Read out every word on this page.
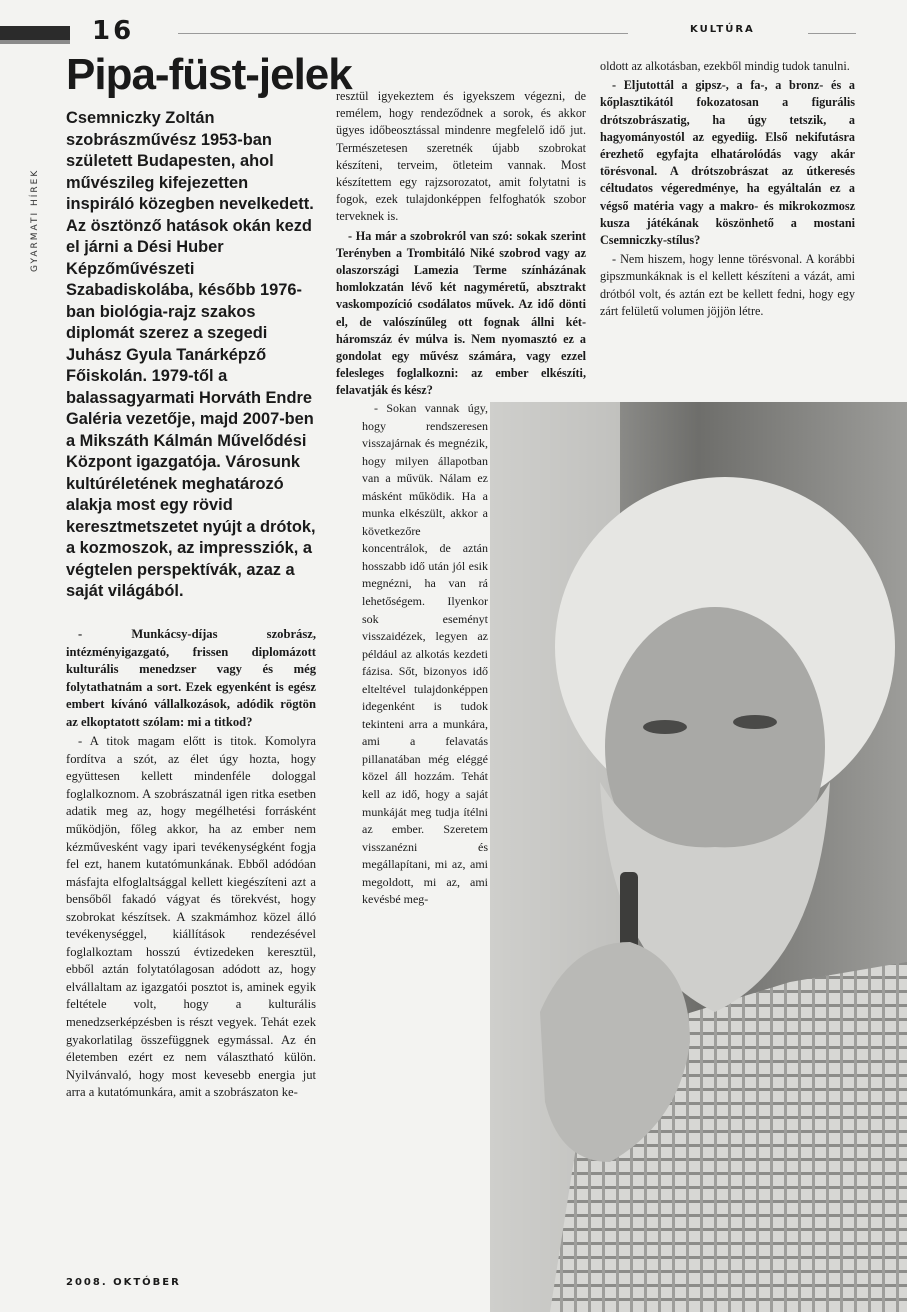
16	KULTÚRA
Pipa-füst-jelek
GYARMATI HÍREK
Csemniczky Zoltán szobrászművész 1953-ban született Budapesten, ahol művészileg kifejezetten inspiráló közegben nevelkedett. Az ösztönző hatások okán kezd el járni a Dési Huber Képzőművészeti Szabadiskolába, később 1976-ban biológia-rajz szakos diplomát szerez a szegedi Juhász Gyula Tanárképző Főiskolán. 1979-től a balassagyarmati Horváth Endre Galéria vezetője, majd 2007-ben a Mikszáth Kálmán Művelődési Központ igazgatója. Városunk kultúréletének meghatározó alakja most egy rövid keresztmetszetet nyújt a drótok, a kozmoszok, az impressziók, a végtelen perspektívák, azaz a saját világából.

- Munkácsy-díjas szobrász, intézményigazgató, frissen diplomázott kulturális menedzser vagy és még folytathatnám a sort. Ezek egyenként is egész embert kívánó vállalkozások, adódik rögtön az elkoptatott szólam: mi a titkod?

- A titok magam előtt is titok. Komolyra fordítva a szót, az élet úgy hozta, hogy együttesen kellett mindenféle dologgal foglalkoznom. A szobrászatnál igen ritka esetben adatik meg az, hogy megélhetési forrásként működjön, főleg akkor, ha az ember nem kézművesként vagy ipari tevékenységként fogja fel ezt, hanem kutatómunkának. Ebből adódóan másfajta elfoglaltsággal kellett kiegészíteni azt a bensőből fakadó vágyat és törekvést, hogy szobrokat készítsek. A szakmámhoz közel álló tevékenységgel, kiállítások rendezésével foglalkoztam hosszú évtizedeken keresztül, ebből aztán folytatólagosan adódott az, hogy elvállaltam az igazgatói posztot is, aminek egyik feltétele volt, hogy a kulturális menedzserképzésben is részt vegyek. Tehát ezek gyakorlatilag összefüggnek egymással. Az én életemben ezért ez nem választható külön. Nyilvánvaló, hogy most kevesebb energia jut arra a kutatómunkára, amit a szobrászaton ke-

resztül igyekeztem és igyekszem végezni, de remélem, hogy rendeződnek a sorok, és akkor ügyes időbeosztással mindenre megfelelő idő jut. Természetesen szeretnék újabb szobrokat készíteni, terveim, ötleteim vannak. Most készítettem egy rajzsorozatot, amit folytatni is fogok, ezek tulajdonképpen felfoghatók szobor terveknek is.

- Ha már a szobrokról van szó: sokak szerint Terényben a Trombitáló Niké szobrod vagy az olaszországi Lamezia Terme színházának homlokzatán lévő két nagyméretű, absztrakt vaskompozíció csodálatos művek. Az idő dönti el, de valószínűleg ott fognak állni két-háromszáz év múlva is. Nem nyomasztó ez a gondolat egy művész számára, vagy ezzel felesleges foglalkozni: az ember elkészíti, felavatják és kész?

- Sokan vannak úgy, hogy rendszeresen visszajárnak és megnézik, hogy milyen állapotban van a művük. Nálam ez másként működik. Ha a munka elkészült, akkor a következőre koncentrálok, de aztán hosszabb idő után jól esik megnézni, ha van rá lehetőségem. Ilyenkor sok eseményt visszaidézek, legyen az például az alkotás kezdeti fázisa. Sőt, bizonyos idő elteltével tulajdonképpen idegenként is tudok tekinteni arra a munkára, ami a felavatás pillanatában még eléggé közel áll hozzám. Tehát kell az idő, hogy a saját munkáját meg tudja ítélni az ember. Szeretem visszanézni és megállapítani, mi az, ami megoldott, mi az, ami kevésbé meg-

oldott az alkotásban, ezekből mindig tudok tanulni.

- Eljutottál a gipsz-, a fa-, a bronz- és a kőplasztikától fokozatosan a figurális drótszobrászatig, ha úgy tetszik, a hagyományostól az egyediig. Első nekifutásra érezhető egyfajta elhatárolódás vagy akár törésvonal. A drótszobrászat az útkeresés céltudatos végeredménye, ha egyáltalán ez a végső matéria vagy a makro- és mikrokozmosz kusza játékának köszönhető a mostani Csemniczky-stílus?

- Nem hiszem, hogy lenne törésvonal. A korábbi gipszmunkáknak is el kellett készíteni a vázát, ami drótból volt, és aztán ezt be kellett fedni, hogy egy zárt felületű volumen jöjjön létre.

2008. OKTÓBER
